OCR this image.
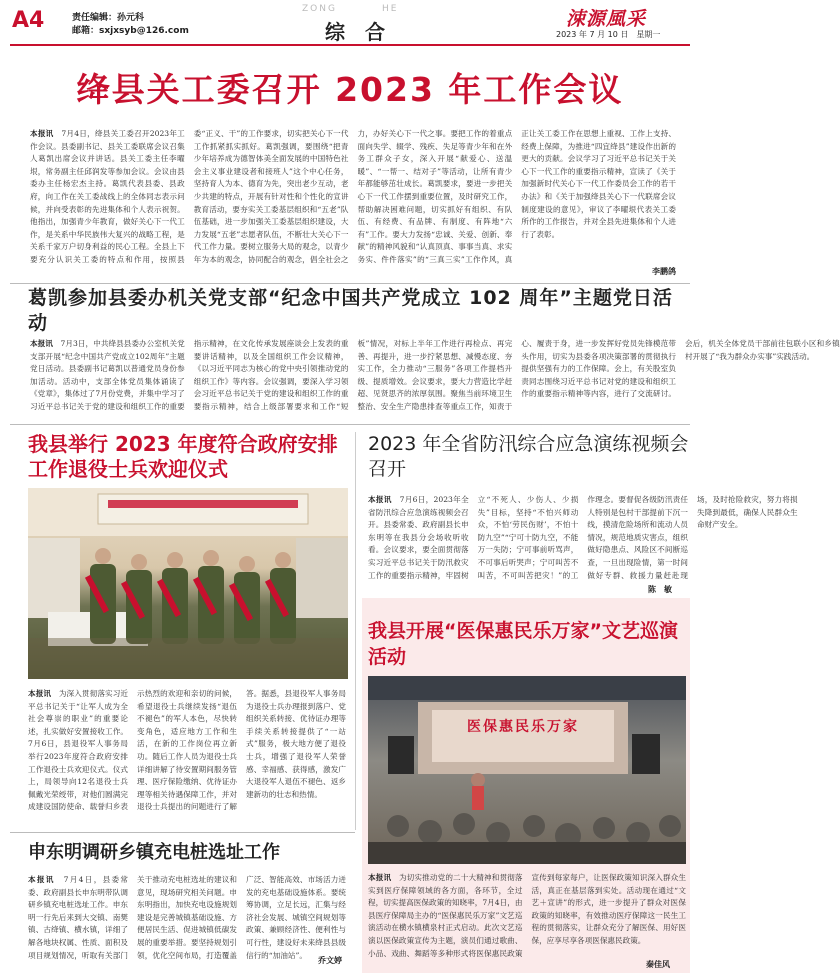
A4	责任编辑：孙元科
邮箱：sxjxsyb@126.com
ZONG	HE
综　合
涑源風采
2023 年 7 月 10 日　星期一
绛县关工委召开 2023 年工作会议
本报讯　 7月4日，绛县关工委召开2023年工作会议。县委副书记、县关工委联席会议召集人葛凯出席会议并讲话。县关工委主任李曜垠，常务副主任邱润发等参加会议。会议由县委办主任杨宏杰主持。葛凯代表县委、县政府，向工作在关工委战线上的全体同志表示问候，并向受表彰的先进集体和个人表示祝贺。他指出，加强青少年教育，做好关心下一代工作，是关系中华民族伟大复兴的战略工程，是关系千家万户切身利益的民心工程。全县上下要充分认识关工委的特点和作用，按照县委“正义、干”的工作要求，切实把关心下一代工作抓紧抓实抓好。葛凯强调，要围绕“把青少年培养成为德智体美全面发展的中国特色社会主义事业建设者和接班人”这个中心任务，坚持育人为本、德育为先，突出老少互动，老少共建的特点，开展有针对性和个性化的宣讲教育活动，要夯实关工委基层组织和“五老”队伍基础，进一步加强关工委基层组织建设，大力发展“五老”志愿者队伍，不断壮大关心下一代工作力量。要树立服务大局的观念，以青少年为本的观念，协同配合的观念，倡全社会之力，办好关心下一代之事。要把工作的着重点面向失学、辍学、残疾、失足等青少年和在外务工群众子女，深入开展“献爱心、送温暖”、“一帮一、结对子”等活动，让所有青少年都能够茁壮成长。葛凯要求，要进一步把关心下一代工作摆到重要位置，及时研究工作，帮助解决困难问题，切实抓好有组织、有队伍、有经费、有品牌、有制度、有阵地“六有”工作。要大力发扬“忠诚、关爱、创新、奉献”的精神风貌和“认真顶真、事事当真、求实务实、件件落实”的“三真三实”工作作风，真正让关工委工作在思想上重视、工作上支持、经费上保障，为推进“四宜绛县”建设作出新的更大的贡献。会议学习了习近平总书记关于关心下一代工作的重要指示精神，宣读了《关于加强新时代关心下一代工作委员会工作的若干办法》和《关于加强绛县关心下一代联席会议制度建设的意见》，审议了李曜垠代表关工委所作的工作报告，并对全县先进集体和个人进行了表彰。
李鹏鸽
葛凯参加县委办机关党支部“纪念中国共产党成立 102 周年”主题党日活动
本报讯　 7月3日，中共绛县县委办公室机关党支部开展“纪念中国共产党成立102周年”主题党日活动。县委副书记葛凯以普通党员身份参加活动。活动中，支部全体党员集体诵读了《党章》，集体过了7月份党费，并集中学习了习近平总书记关于党的建设和组织工作的重要指示精神，在文化传承发展座谈会上发表的重要讲话精神，以及全国组织工作会议精神，《以习近平同志为核心的党中央引领推动党的组织工作》等内容。会议强调，要深入学习领会习近平总书记关于党的建设和组织工作的重要指示精神，结合上级部署要求和工作“短板”情况，对标上半年工作进行再检点、再完善、再提升，进一步拧紧思想、减慢态度、夯实工作，全力推动“三服务”各项工作提档升级、提质增效。会议要求，要大力营造比学赶超、见贤思齐的浓厚氛围。聚焦当前环境卫生整治、安全生产隐患排查等重点工作，知责于心、履责于身，进一步发挥好党员先锋模范带头作用，切实为县委各项决策部署的贯彻执行提供坚强有力的工作保障。会上，有关股室负责同志围绕习近平总书记对党的建设和组织工作的重要指示精神等内容，进行了交流研讨。会后，机关全体党员干部前往包联小区和乡镇村开展了“我为群众办实事”实践活动。
我县举行 2023 年度符合政府安排工作退役士兵欢迎仪式
本报讯　 为深入贯彻落实习近平总书记关于“让军人成为全社会尊崇的职业”的重要论述，扎实做好安置接收工作。7月6日，县退役军人事务局举行2023年度符合政府安排工作退役士兵欢迎仪式。仪式上，局领导向12名退役士兵佩戴光荣绶带，对他们圆满完成建设国防使命、载誉归乡表示热烈的欢迎和亲切的问候，希望退役士兵继续发扬“退伍不褪色”的军人本色，尽快转变角色，适应地方工作和生活，在新的工作岗位再立新功。随后工作人员为退役士兵详细讲解了待安置期间服务管理、医疗保险缴纳、优待证办理等相关待遇保障工作，并对退役士兵提出的问题进行了解答。据悉，县退役军人事务局为退役士兵办理报到落户、党组织关系转接、优待证办理等手续关系转接提供了“一站式”服务，极大地方便了退役士兵，增强了退役军人荣誉感、幸福感、获得感，激发广大退役军人退伍不褪色、返乡建新功的壮志和热情。
2023 年全省防汛综合应急演练视频会召开
本报讯　 7月6日，2023年全省防汛综合应急演练视频会召开。县委常委、政府副县长申东明等在我县分会场收听收看。会议要求，要全面贯彻落实习近平总书记关于防汛救灾工作的重要指示精神，牢固树立“不死人、少伤人、少损失”目标，坚持“不怕兴师动众，不怕‘劳民伤财’，不怕十防九空”“宁可十防九空，不能万一失防；宁可事前听骂声，不可事后听哭声；宁可叫苦不叫苦，不可叫苦把灾！”的工作理念。要督促各级防汛责任人特别是包村干部提前下沉一线，摸清危险场所和流动人员情况，规范地质灾害点，组织做好隐患点、风险区不间断巡查，一旦出现险情，第一时间做好专群、救援力量赶赴现场，及时抢险救灾，努力将损失降到最低，确保人民群众生命财产安全。
陈　敏
我县开展“医保惠民乐万家”文艺巡演活动
医保惠民乐万家
本报讯　 为切实推动党的二十大精神和贯彻落实到医疗保障领域的各方面，各环节，全过程，切实提高医保政策的知晓率，7月4日，由县医疗保障局主办的“医保惠民乐万家”文艺巡演活动在横水镇横泉村正式启动。此次文艺巡演以医保政策宣传为主题，演员们通过歌曲、小品、戏曲、舞蹈等多种形式将医保惠民政策宣传到每家每户，让医保政策知识深入群众生活，真正在基层落到实处。活动现在通过“文艺＋宣讲”的形式，进一步提升了群众对医保政策的知晓率，有效推动医疗保障这一民生工程的贯彻落实，让群众充分了解医保、用好医保，应享尽享各项医保惠民政策。
秦佳风
申东明调研乡镇充电桩选址工作
本报讯　 7月4日，县委常委、政府副县长申东明带队调研乡镇充电桩选址工作。申东明一行先后来到大交镇、南樊镇、古绛镇、横水镇，详细了解各地块权属、性质、面积及项目规划情况，听取有关部门关于推动充电桩选址的建议和意见，现场研究相关问题。申东明指出，加快充电设施规划建设是完善城镇基础设施、方便居民生活、促进城镇低碳发展的重要举措。要坚持规划引领，优化空间布局，打造覆盖广泛、智能高效、市场活力迸发的充电基础设施体系。要统筹协调，立足长远，汇集与经济社会发展、城镇空间规划等政策、兼顾经济性、便利性与可行性，建设好未来绛县县级信行的“加油站”。
乔文婷
